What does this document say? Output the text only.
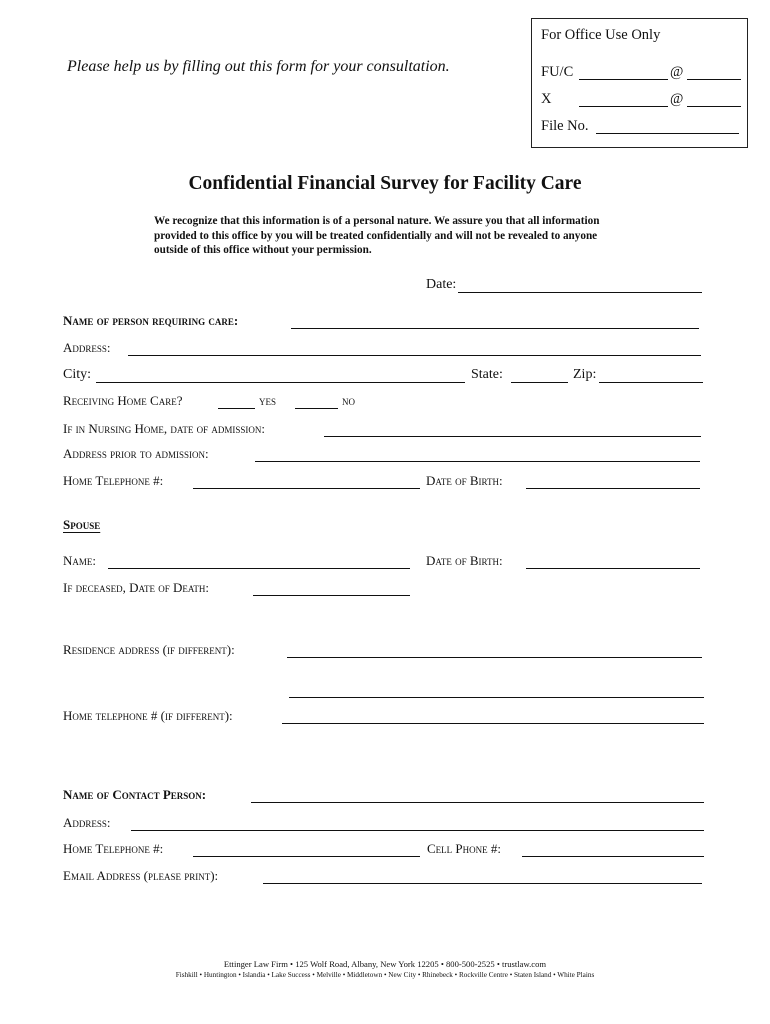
For Office Use Only
FU/C	@
X	@
File No.
Please help us by filling out this form for your consultation.
Confidential Financial Survey for Facility Care
We recognize that this information is of a personal nature. We assure you that all information provided to this office by you will be treated confidentially and will not be revealed to anyone outside of this office without your permission.
Date:
Name of person requiring care:
Address:
City:	State:	Zip:
Receiving Home Care?	yes	no
If in Nursing Home, date of admission:
Address prior to admission:
Home Telephone #:	Date of Birth:
Spouse
Name:	Date of Birth:
If deceased, Date of Death:
Residence address (if different):
Home telephone # (if different):
Name of Contact Person:
Address:
Home Telephone #:	Cell Phone #:
Email Address (please print):
Ettinger Law Firm • 125 Wolf Road, Albany, New York 12205 • 800-500-2525 • trustlaw.com
Fishkill • Huntington • Islandia • Lake Success • Melville • Middletown • New City • Rhinebeck • Rockville Centre • Staten Island • White Plains
